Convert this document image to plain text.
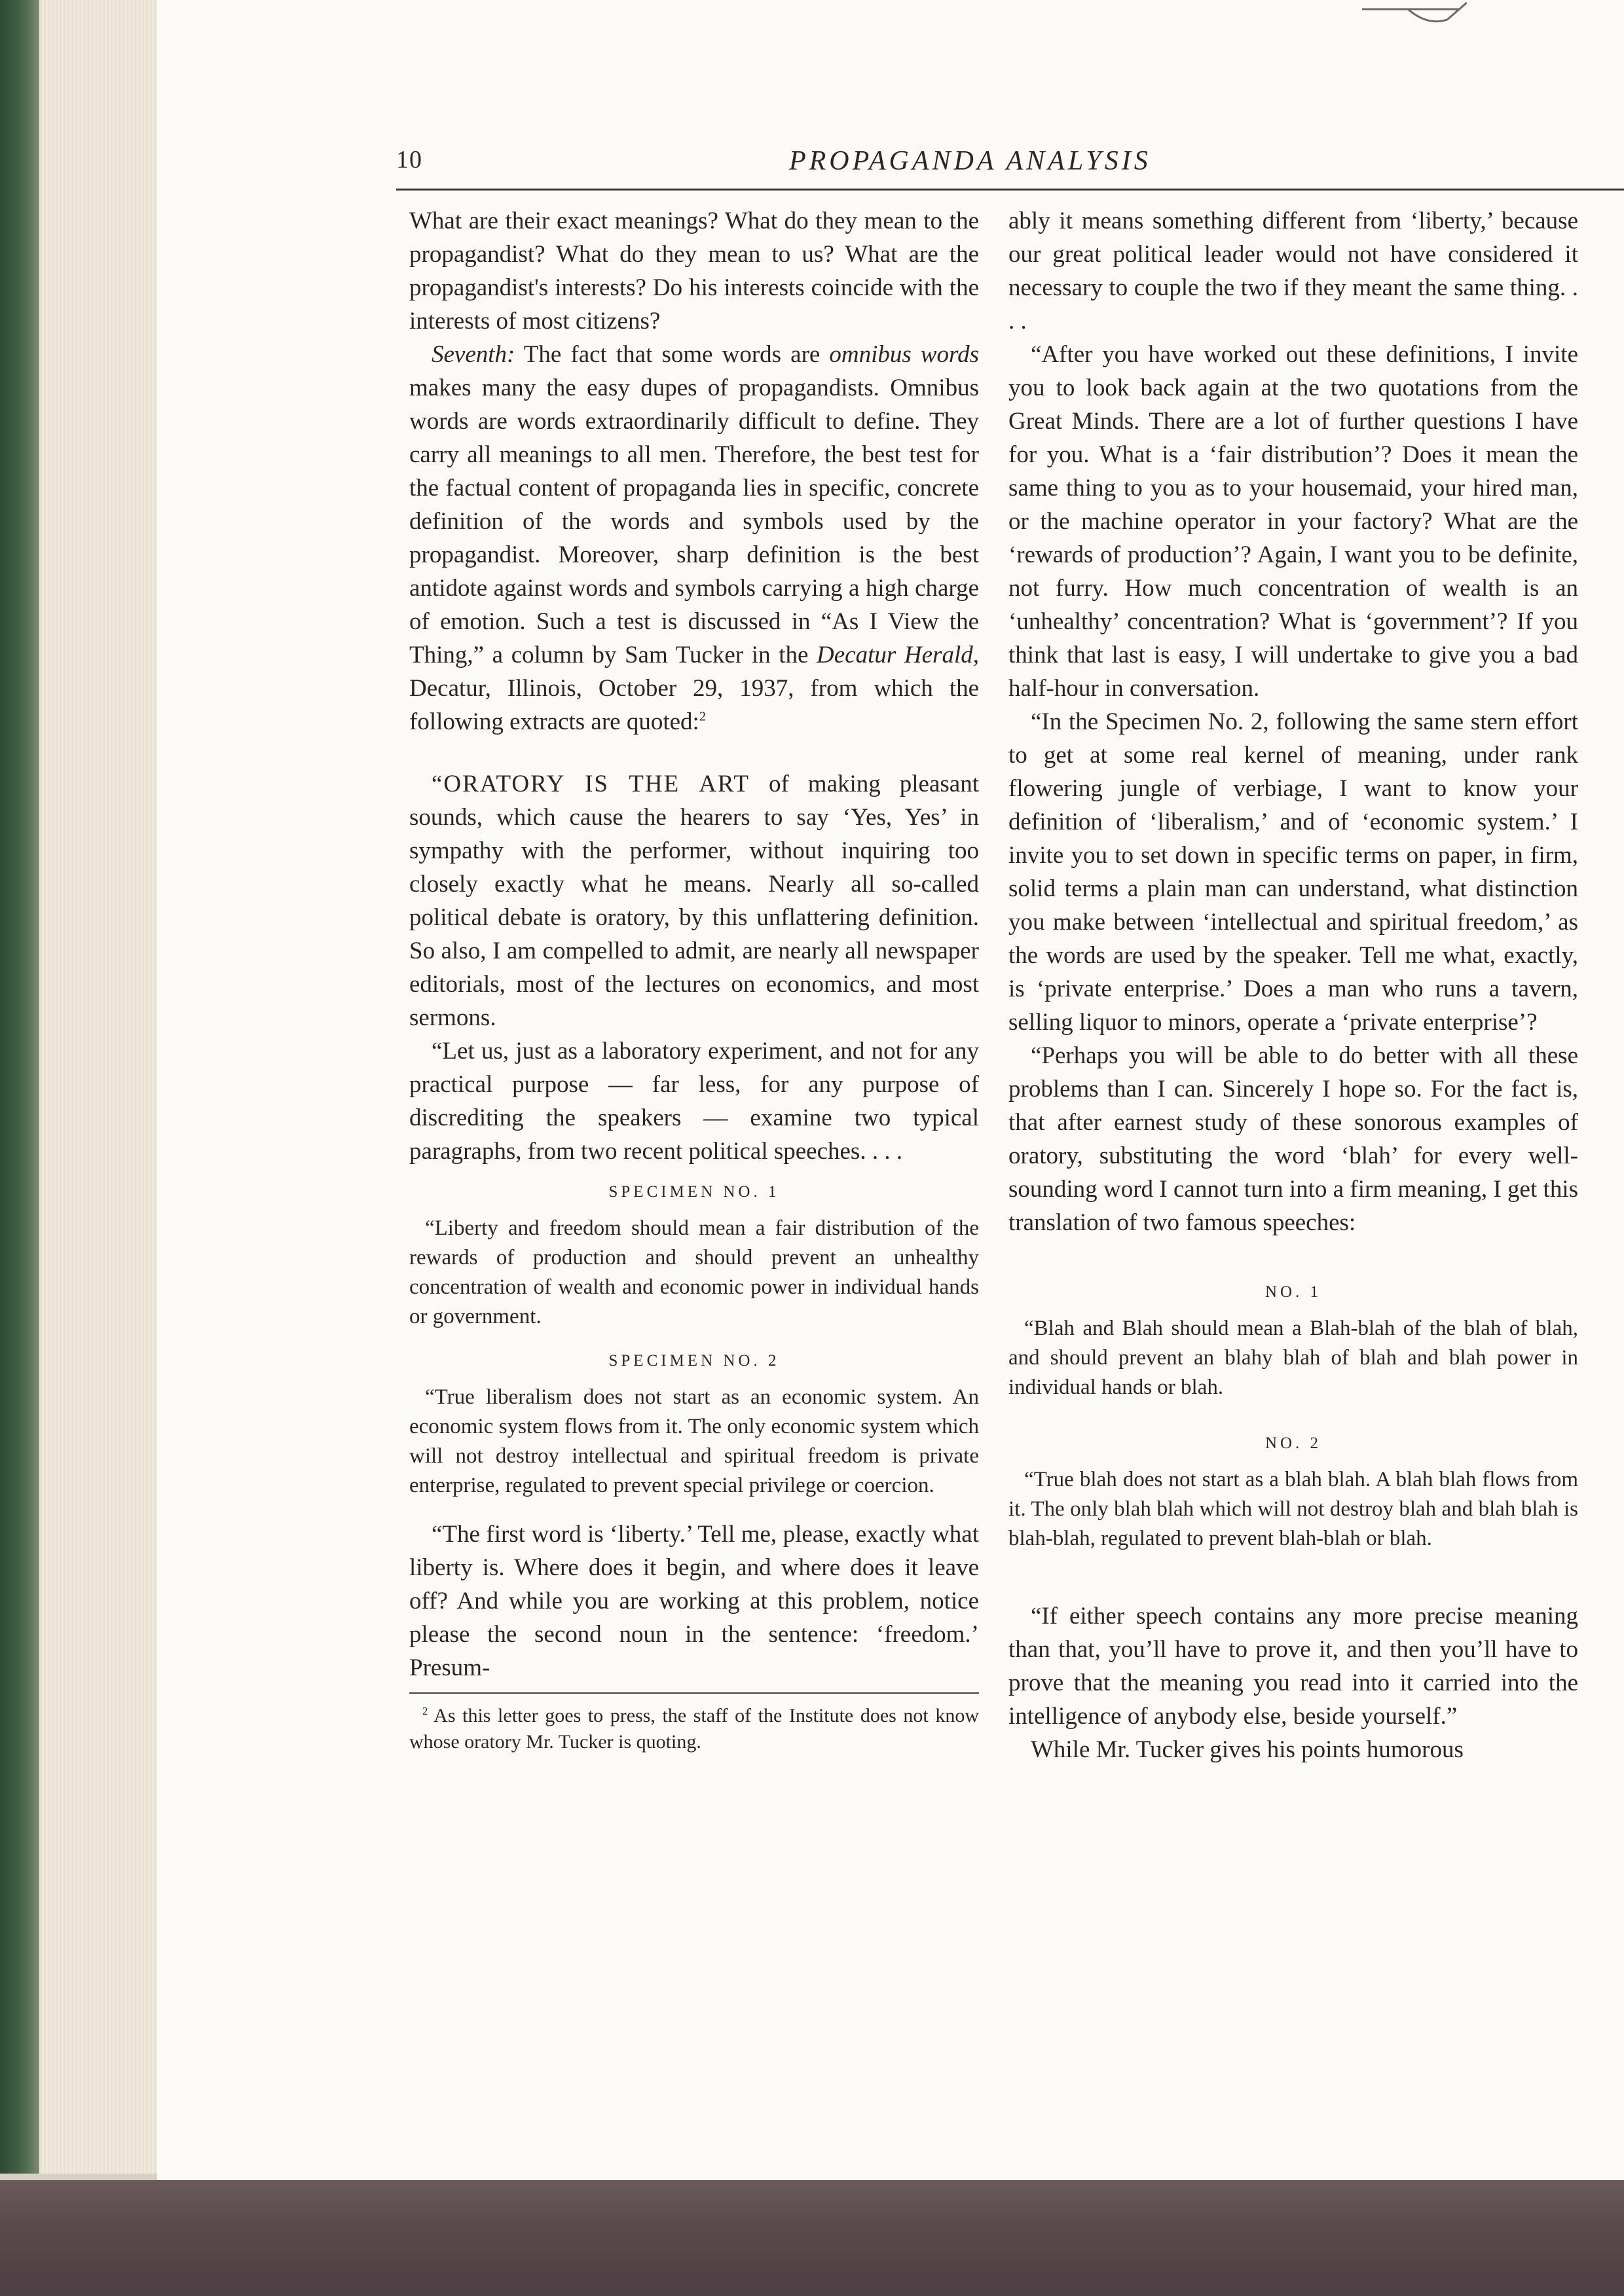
10	PROPAGANDA ANALYSIS

What are their exact meanings? What do they mean to the propagandist? What do they mean to us? What are the propagandist's interests? Do his interests coincide with the interests of most citizens?

Seventh: The fact that some words are omnibus words makes many the easy dupes of propagandists. Omnibus words are words extraordinarily difficult to define. They carry all meanings to all men. Therefore, the best test for the factual content of propaganda lies in specific, concrete definition of the words and symbols used by the propagandist. Moreover, sharp definition is the best antidote against words and symbols carrying a high charge of emotion. Such a test is discussed in “As I View the Thing,” a column by Sam Tucker in the Decatur Herald, Decatur, Illinois, October 29, 1937, from which the following extracts are quoted:$^2$

“ORATORY IS THE ART of making pleasant sounds, which cause the hearers to say ‘Yes, Yes’ in sympathy with the performer, without inquiring too closely exactly what he means. Nearly all so-called political debate is oratory, by this unflattering definition. So also, I am compelled to admit, are nearly all newspaper editorials, most of the lectures on economics, and most sermons.

“Let us, just as a laboratory experiment, and not for any practical purpose — far less, for any purpose of discrediting the speakers — examine two typical paragraphs, from two recent political speeches. . . .

SPECIMEN NO. 1

“Liberty and freedom should mean a fair distribution of the rewards of production and should prevent an unhealthy concentration of wealth and economic power in individual hands or government.

SPECIMEN NO. 2

“True liberalism does not start as an economic system. An economic system flows from it. The only economic system which will not destroy intellectual and spiritual freedom is private enterprise, regulated to prevent special privilege or coercion.

“The first word is ‘liberty.’ Tell me, please, exactly what liberty is. Where does it begin, and where does it leave off? And while you are working at this problem, notice please the second noun in the sentence: ‘freedom.’ Presum-

$^2$ As this letter goes to press, the staff of the Institute does not know whose oratory Mr. Tucker is quoting.

ably it means something different from ‘liberty,’ because our great political leader would not have considered it necessary to couple the two if they meant the same thing. . . .

“After you have worked out these definitions, I invite you to look back again at the two quotations from the Great Minds. There are a lot of further questions I have for you. What is a ‘fair distribution’? Does it mean the same thing to you as to your housemaid, your hired man, or the machine operator in your factory? What are the ‘rewards of production’? Again, I want you to be definite, not furry. How much concentration of wealth is an ‘unhealthy’ concentration? What is ‘government’? If you think that last is easy, I will undertake to give you a bad half-hour in conversation.

“In the Specimen No. 2, following the same stern effort to get at some real kernel of meaning, under rank flowering jungle of verbiage, I want to know your definition of ‘liberalism,’ and of ‘economic system.’ I invite you to set down in specific terms on paper, in firm, solid terms a plain man can understand, what distinction you make between ‘intellectual and spiritual freedom,’ as the words are used by the speaker. Tell me what, exactly, is ‘private enterprise.’ Does a man who runs a tavern, selling liquor to minors, operate a ‘private enterprise’?

“Perhaps you will be able to do better with all these problems than I can. Sincerely I hope so. For the fact is, that after earnest study of these sonorous examples of oratory, substituting the word ‘blah’ for every well-sounding word I cannot turn into a firm meaning, I get this translation of two famous speeches:

NO. 1

“Blah and Blah should mean a Blah-blah of the blah of blah, and should prevent an blahy blah of blah and blah power in individual hands or blah.

NO. 2

“True blah does not start as a blah blah. A blah blah flows from it. The only blah blah which will not destroy blah and blah blah is blah-blah, regulated to prevent blah-blah or blah.

“If either speech contains any more precise meaning than that, you’ll have to prove it, and then you’ll have to prove that the meaning you read into it carried into the intelligence of anybody else, beside yourself.”

While Mr. Tucker gives his points humorous
